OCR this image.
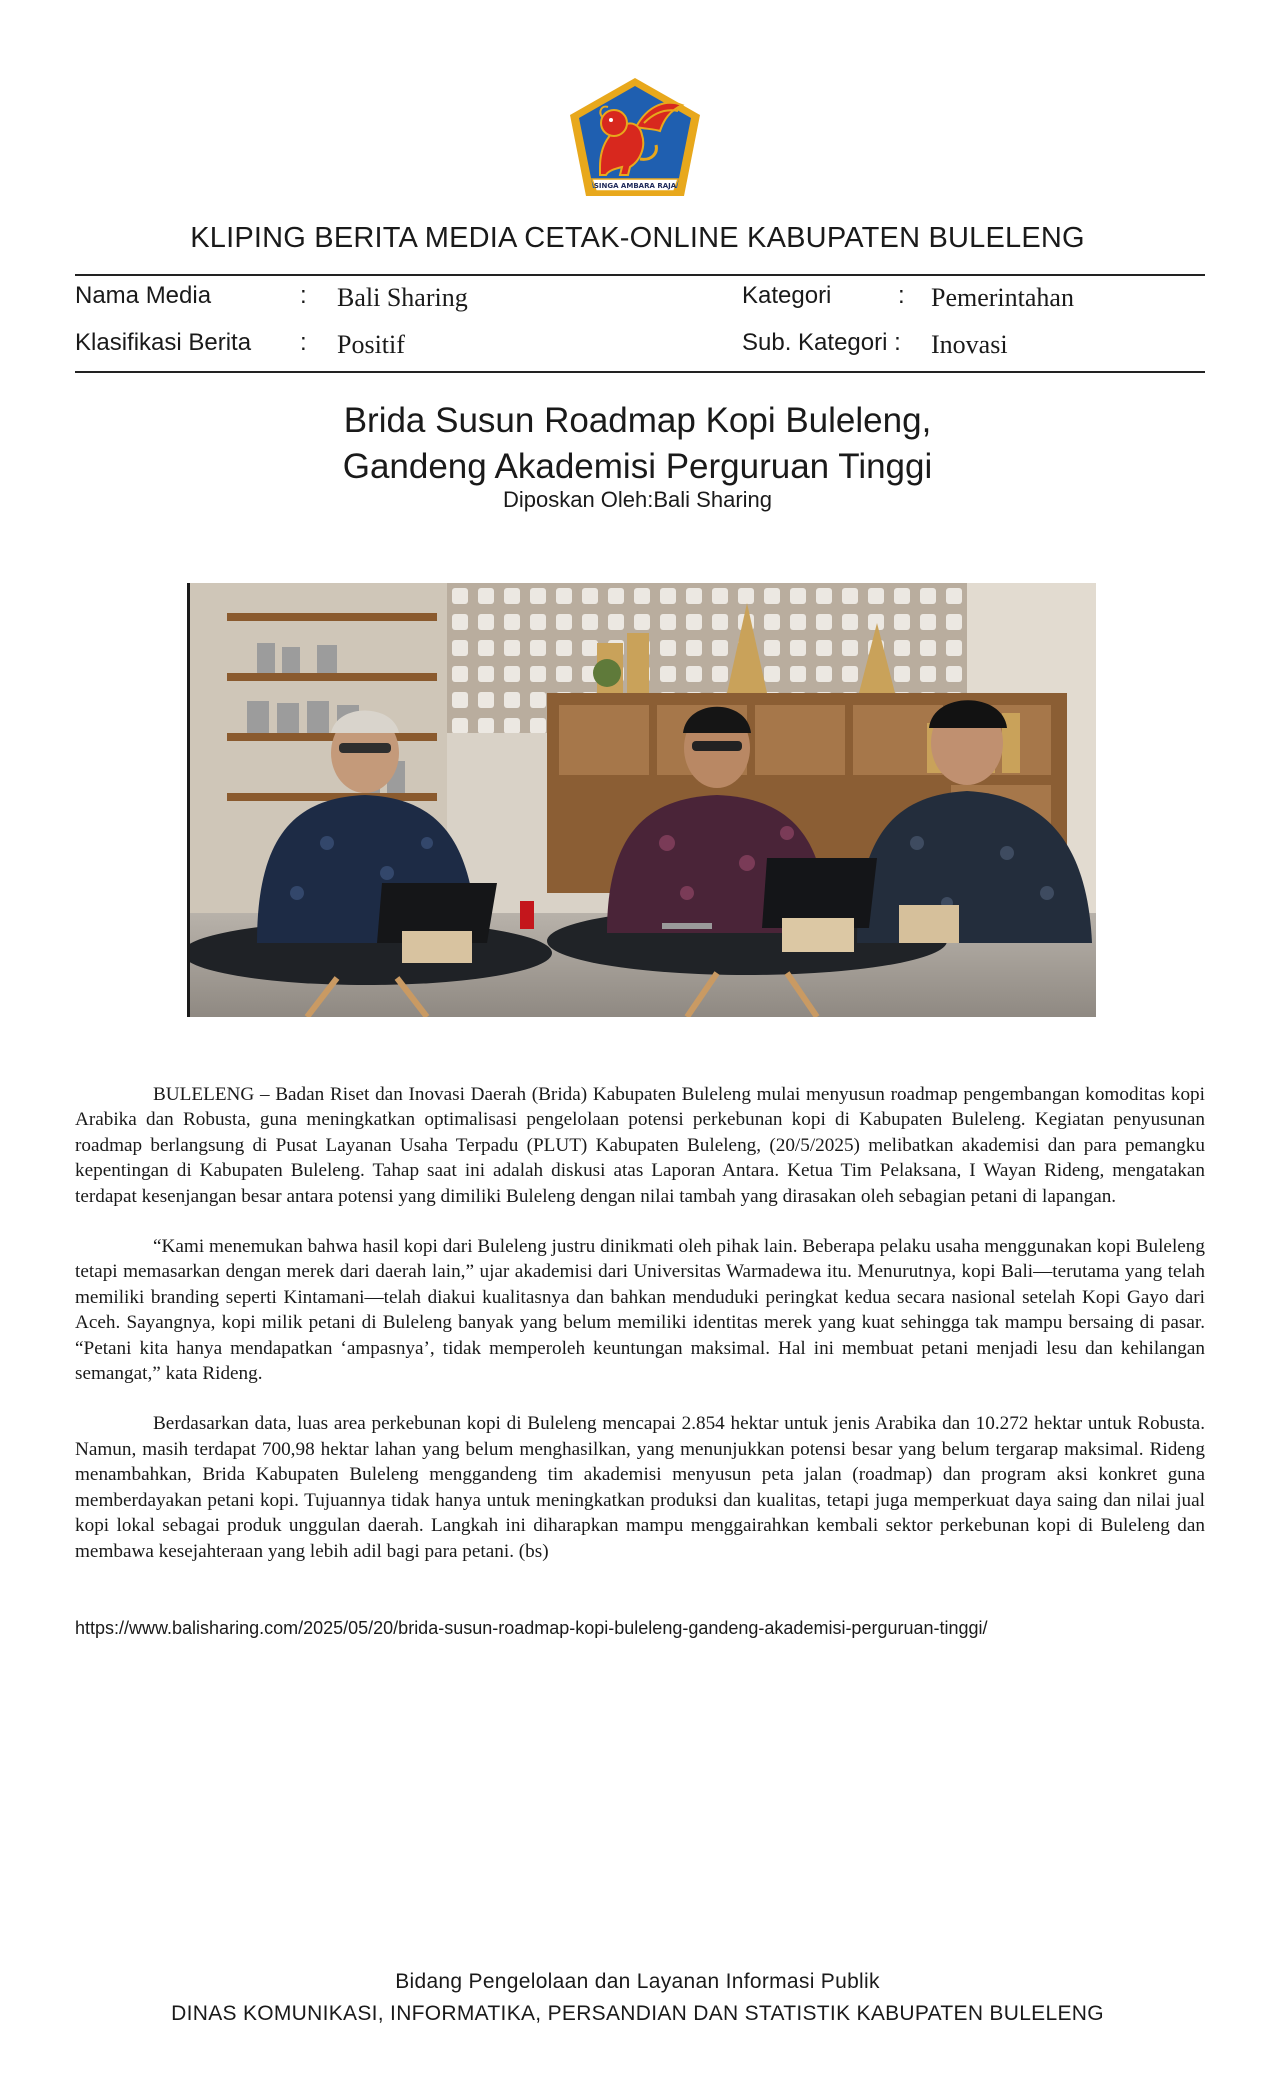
SINGA AMBARA RAJA
KLIPING BERITA MEDIA CETAK-ONLINE KABUPATEN BULELENG
Nama Media	: Bali Sharing	Kategori	: Pemerintahan
Klasifikasi Berita : Positif	Sub. Kategori : Inovasi
Brida Susun Roadmap Kopi Buleleng,
Gandeng Akademisi Perguruan Tinggi
Diposkan Oleh:Bali Sharing

BULELENG – Badan Riset dan Inovasi Daerah (Brida) Kabupaten Buleleng mulai menyusun roadmap pengembangan komoditas kopi Arabika dan Robusta, guna meningkatkan optimalisasi pengelolaan potensi perkebunan kopi di Kabupaten Buleleng. Kegiatan penyusunan roadmap berlangsung di Pusat Layanan Usaha Terpadu (PLUT) Kabupaten Buleleng, (20/5/2025) melibatkan akademisi dan para pemangku kepentingan di Kabupaten Buleleng. Tahap saat ini adalah diskusi atas Laporan Antara. Ketua Tim Pelaksana, I Wayan Rideng, mengatakan terdapat kesenjangan besar antara potensi yang dimiliki Buleleng dengan nilai tambah yang dirasakan oleh sebagian petani di lapangan.

“Kami menemukan bahwa hasil kopi dari Buleleng justru dinikmati oleh pihak lain. Beberapa pelaku usaha menggunakan kopi Buleleng tetapi memasarkan dengan merek dari daerah lain,” ujar akademisi dari Universitas Warmadewa itu. Menurutnya, kopi Bali—terutama yang telah memiliki branding seperti Kintamani—telah diakui kualitasnya dan bahkan menduduki peringkat kedua secara nasional setelah Kopi Gayo dari Aceh. Sayangnya, kopi milik petani di Buleleng banyak yang belum memiliki identitas merek yang kuat sehingga tak mampu bersaing di pasar. “Petani kita hanya mendapatkan ‘ampasnya’, tidak memperoleh keuntungan maksimal. Hal ini membuat petani menjadi lesu dan kehilangan semangat,” kata Rideng.

Berdasarkan data, luas area perkebunan kopi di Buleleng mencapai 2.854 hektar untuk jenis Arabika dan 10.272 hektar untuk Robusta. Namun, masih terdapat 700,98 hektar lahan yang belum menghasilkan, yang menunjukkan potensi besar yang belum tergarap maksimal. Rideng menambahkan, Brida Kabupaten Buleleng menggandeng tim akademisi menyusun peta jalan (roadmap) dan program aksi konkret guna memberdayakan petani kopi. Tujuannya tidak hanya untuk meningkatkan produksi dan kualitas, tetapi juga memperkuat daya saing dan nilai jual kopi lokal sebagai produk unggulan daerah. Langkah ini diharapkan mampu menggairahkan kembali sektor perkebunan kopi di Buleleng dan membawa kesejahteraan yang lebih adil bagi para petani. (bs)

https://www.balisharing.com/2025/05/20/brida-susun-roadmap-kopi-buleleng-gandeng-akademisi-perguruan-tinggi/
Bidang Pengelolaan dan Layanan Informasi Publik
DINAS KOMUNIKASI, INFORMATIKA, PERSANDIAN DAN STATISTIK KABUPATEN BULELENG
